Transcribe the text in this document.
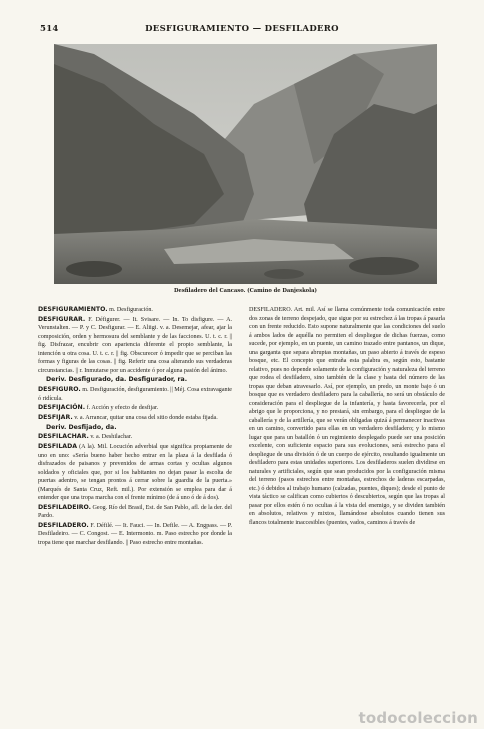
514	DESFIGURAMIENTO — DESFILADERO
Desfiladero del Cancaso. (Camino de Danjeskola)
DESFIGURAMIENTO. m. Desfiguración.
DESFIGURAR. F. Défigurer. — It. Svisare. — In. To disfigure. — A. Verunstalten. — P. y C. Desfigurar. — E. Aliigi. v. a. Desemejar, afear, ajar la composición, orden y hermosura del semblante y de las facciones. U. t. c. r. || fig. Disfrazar, encubrir con apariencia diferente el propio semblante, la intención u otra cosa. U. t. c. r. || fig. Obscurecer ó impedir que se perciban las formas y figuras de las cosas. || fig. Referir una cosa alterando sus verdaderas circunstancias. || r. Inmutarse por un accidente ó por alguna pasión del ánimo.
Deriv. Desfigurado, da. Desfigurador, ra.
DESFIGURO. m. Desfiguración, desfiguramiento. || Méj. Cosa extravagante ó ridícula.
DESFIJACIÓN. f. Acción y efecto de desfijar.
DESFIJAR. v. a. Arrancar, quitar una cosa del sitio donde estaba fijada.
Deriv. Desfijado, da.
DESFILACHAR. v. a. Deshilachar.
DESFILADA (A la). Mil. Locución adverbial que significa propiamente de uno en uno: «Sería bueno haber hecho entrar en la plaza á la desfilada ó disfrazados de paisanos y prevenidos de armas cortas y ocultas algunos soldados y oficiales que, por si los habitantes no dejan pasar la escolta de puertas adentro, se tengan prontos á cerrar sobre la guardia de la puerta.» (Marqués de Santa Cruz, Reft. mil.). Por extensión se emplea para dar á entender que una tropa marcha con el frente mínimo (de á uno ó de á dos).
DESFILADEIRO. Geog. Río del Brasil, Est. de San Pablo, afl. de la der. del Pardo.
DESFILADERO. F. Défilé. — It. Fauci. — In. Defile. — A. Engpass. — P. Desfiladeiro. — C. Congost. — E. Intermonto. m. Paso estrecho por donde la tropa tiene que marchar desfilando. || Paso estrecho entre montañas.
DESFILADERO. Art. mil. Así se llama comúnmente toda comunicación entre dos zonas de terreno despejado, que sigue por su estrechez á las tropas á pasarla con un frente reducido. Esto supone naturalmente que las condiciones del suelo á ambos lados de aquélla no permiten el despliegue de dichas fuerzas, como sucede, por ejemplo, en un puente, un camino trazado entre pantanos, un dique, una garganta que separa abruptas montañas, un paso abierto á través de espeso bosque, etc. El concepto que entraña esta palabra es, según esto, bastante relativo, pues no depende solamente de la configuración y naturaleza del terreno que rodea el desfiladero, sino también de la clase y hasta del número de las tropas que deban atravesarlo. Así, por ejemplo, un predo, un monte bajo ó un bosque que es verdadero desfiladero para la caballería, no será un obstáculo de consideración para el despliegue de la infantería, y hasta favorecerla, por el abrigo que le proporciona, y no prestará, sin embargo, para el despliegue de la caballería y de la artillería, que se verán obligadas quizá á permanecer inactivas en un camino, convertido para ellas en un verdadero desfiladero; y lo mismo lugar que para un batallón ó un regimiento desplegado puede ser una posición excelente, con suficiente espacio para sus evoluciones, será estrecho para el despliegue de una división ó de un cuerpo de ejército, resultando igualmente un desfiladero para estas unidades superiores. Los desfiladeros suelen dividirse en naturales y artificiales, según que sean producidos por la configuración misma del terreno (pasos estrechos entre montañas, estrechos de laderas escarpadas, etc.) ó debidos al trabajo humano (calzadas, puentes, diques); desde el punto de vista táctico se califican como cubiertos ó descubiertos, según que las tropas al pasar por ellos estén ó no ocultas á la vista del enemigo, y se dividen también en absolutos, relativos y mixtos, llamándose absolutos cuando tienen sus flancos totalmente inaccesibles (puentes, vados, caminos á través de
todocoleccion
